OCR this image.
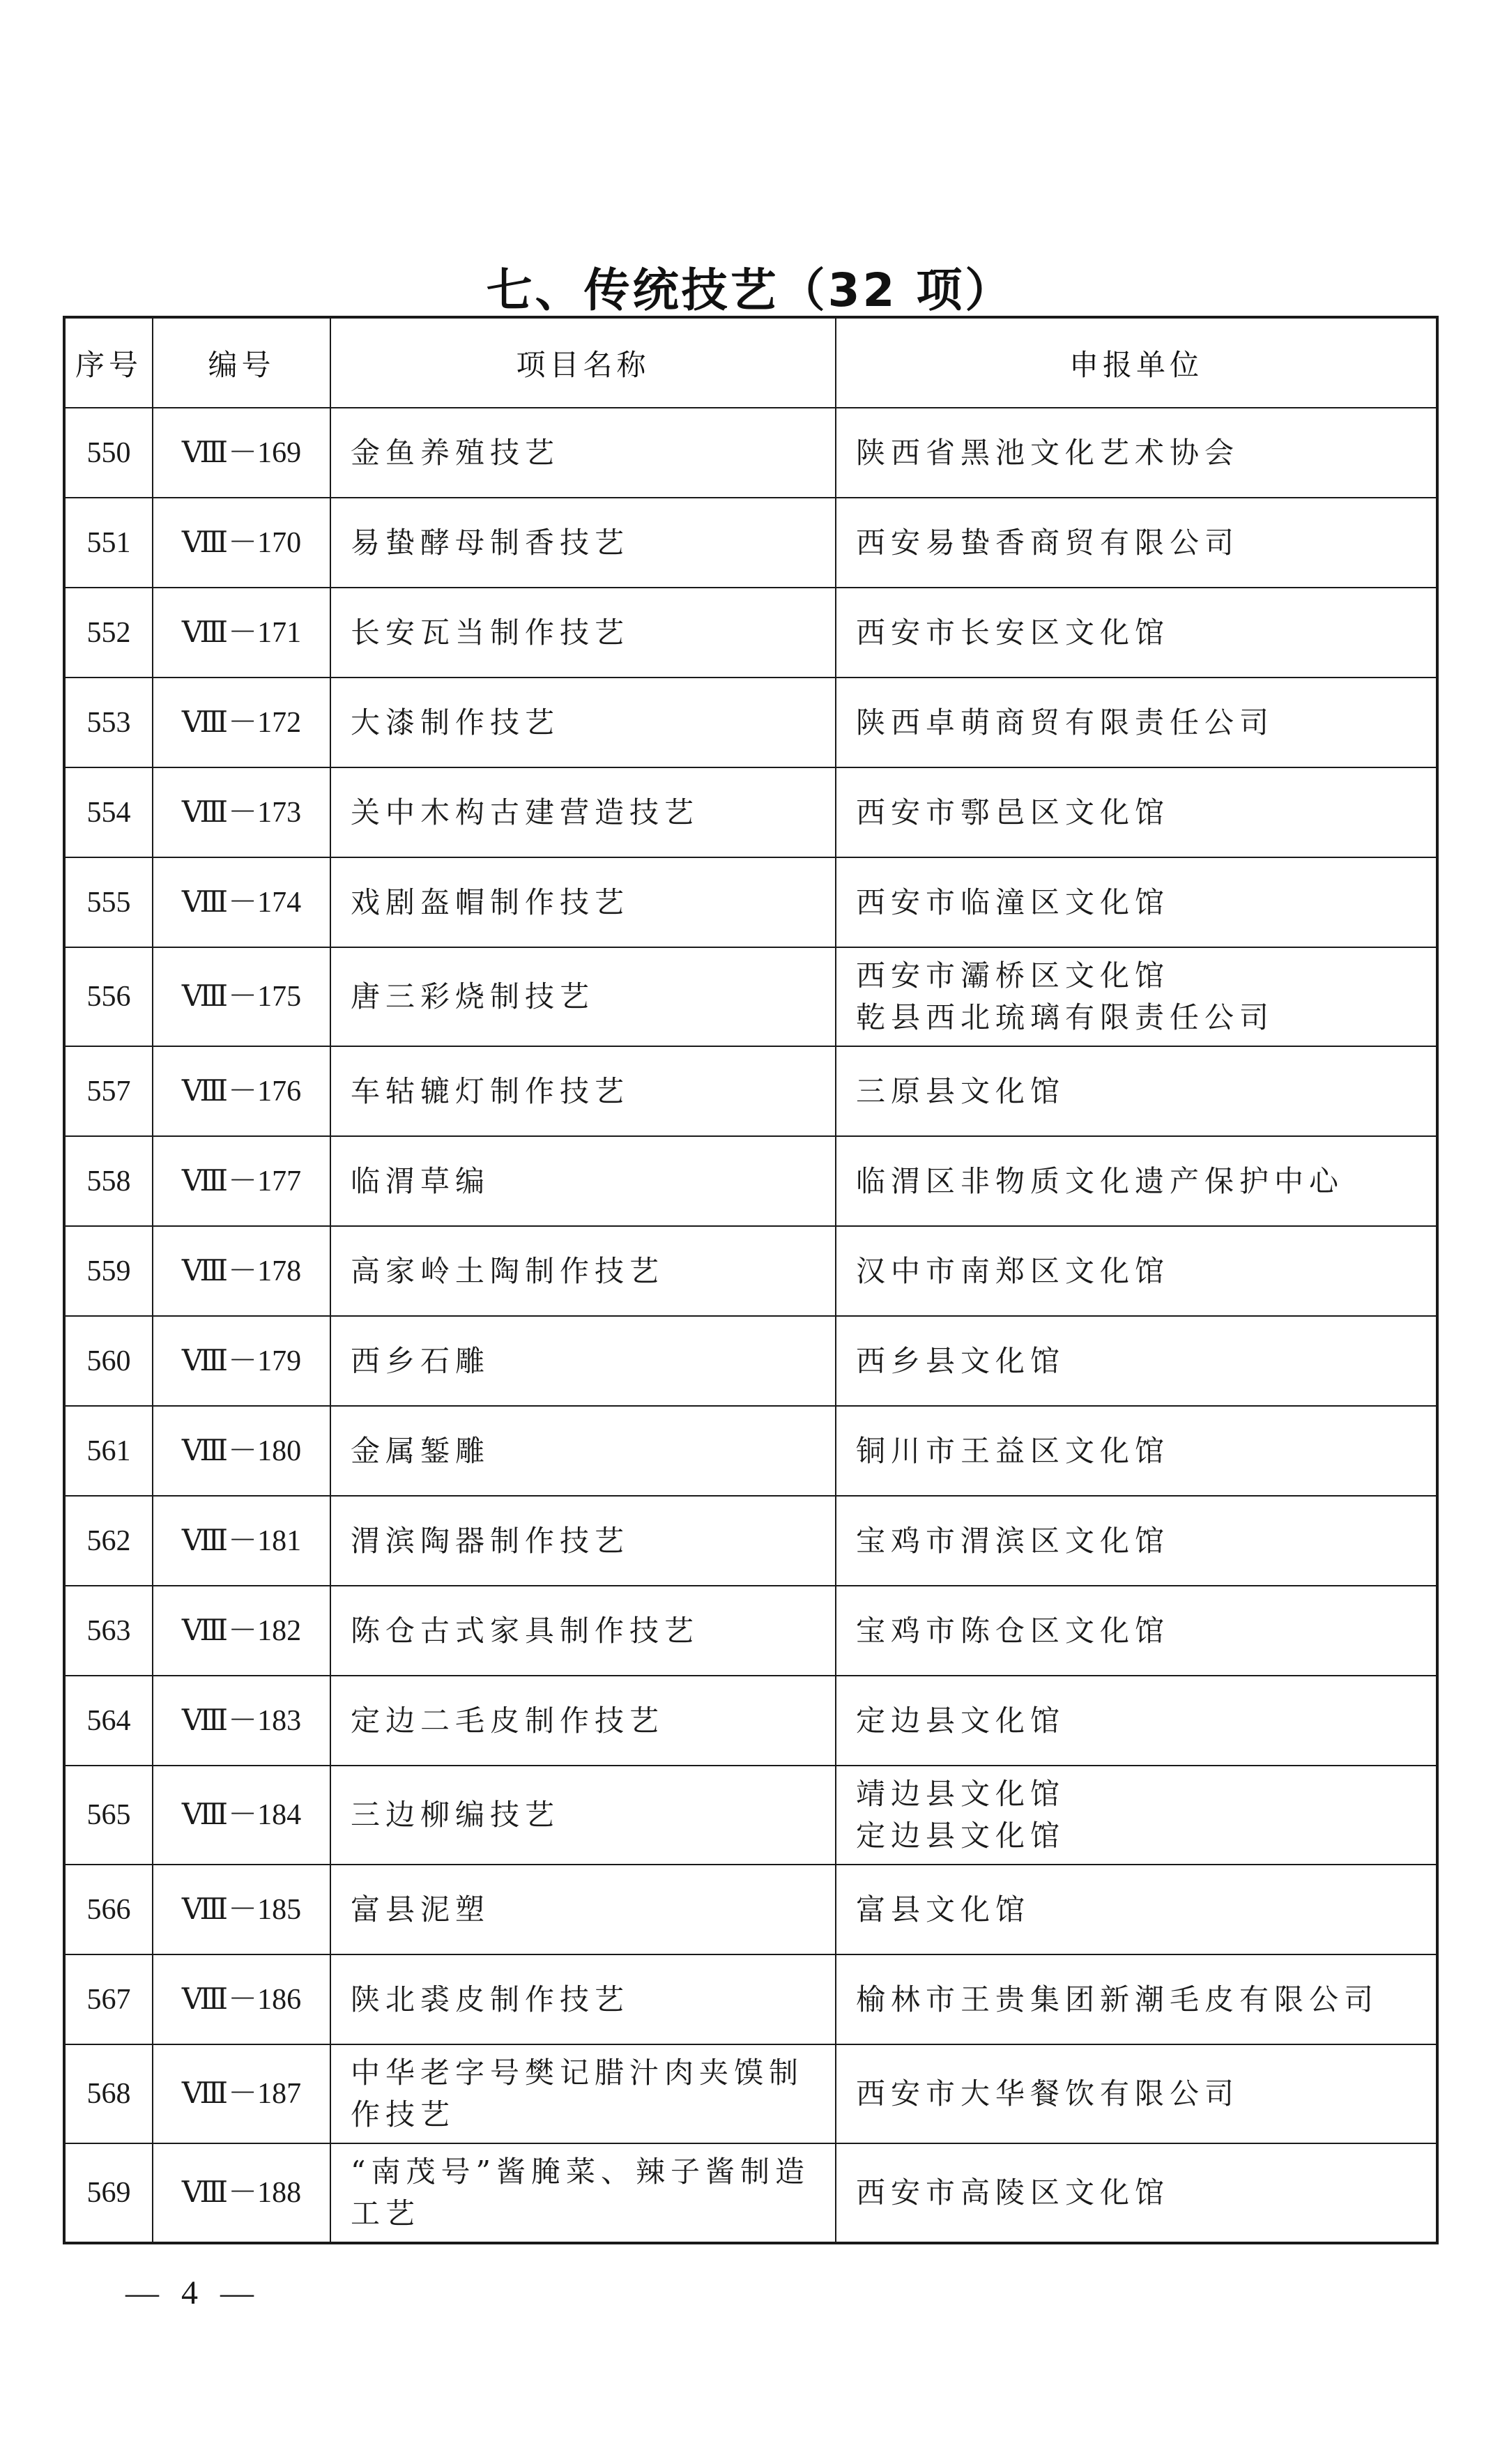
七、传统技艺（32 项）
序号	编号	项目名称	申报单位
550	Ⅷ－169	金鱼养殖技艺	陕西省黑池文化艺术协会

551	Ⅷ－170	易蛰酵母制香技艺	西安易蛰香商贸有限公司

552	Ⅷ－171	长安瓦当制作技艺	西安市长安区文化馆

553	Ⅷ－172	大漆制作技艺	陕西卓萌商贸有限责任公司

554	Ⅷ－173	关中木构古建营造技艺	西安市鄠邑区文化馆

555	Ⅷ－174	戏剧盔帽制作技艺	西安市临潼区文化馆

556	Ⅷ－175	唐三彩烧制技艺	西安市灞桥区文化馆
乾县西北琉璃有限责任公司

557	Ⅷ－176	车轱辘灯制作技艺	三原县文化馆

558	Ⅷ－177	临渭草编	临渭区非物质文化遗产保护中心

559	Ⅷ－178	高家岭土陶制作技艺	汉中市南郑区文化馆

560	Ⅷ－179	西乡石雕	西乡县文化馆

561	Ⅷ－180	金属錾雕	铜川市王益区文化馆

562	Ⅷ－181	渭滨陶器制作技艺	宝鸡市渭滨区文化馆

563	Ⅷ－182	陈仓古式家具制作技艺	宝鸡市陈仓区文化馆

564	Ⅷ－183	定边二毛皮制作技艺	定边县文化馆

565	Ⅷ－184	三边柳编技艺	靖边县文化馆
定边县文化馆

566	Ⅷ－185	富县泥塑	富县文化馆

567	Ⅷ－186	陕北裘皮制作技艺	榆林市王贵集团新潮毛皮有限公司

568	Ⅷ－187	中华老字号樊记腊汁肉夹馍制作技艺	西安市大华餐饮有限公司

569	Ⅷ－188	“南茂号”酱腌菜、辣子酱制造工艺	西安市高陵区文化馆
— 4 —
